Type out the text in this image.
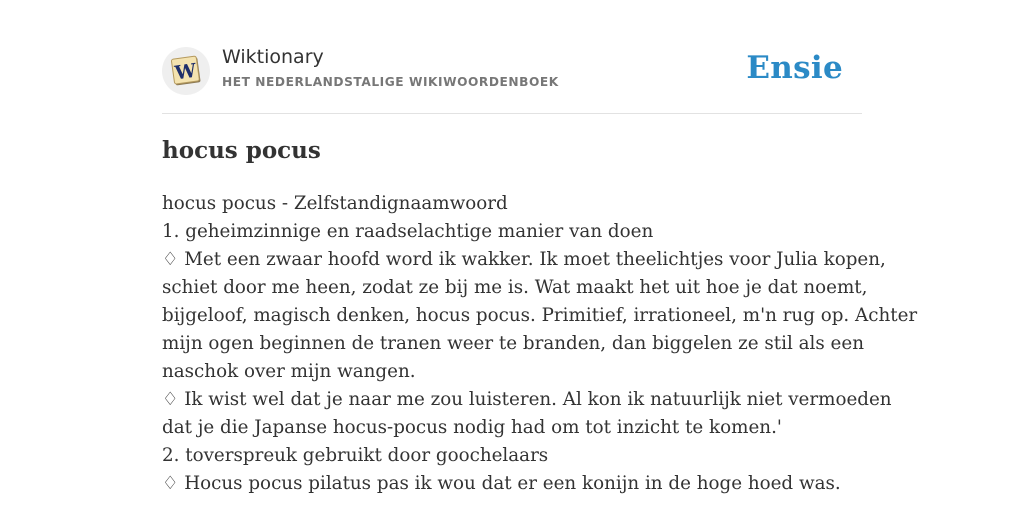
W
Wiktionary
HET NEDERLANDSTALIGE WIKIWOORDENBOEK	Ensie
hocus pocus
hocus pocus - Zelfstandignaamwoord
1. geheimzinnige en raadselachtige manier van doen
♢ Met een zwaar hoofd word ik wakker. Ik moet theelichtjes voor Julia kopen,
schiet door me heen, zodat ze bij me is. Wat maakt het uit hoe je dat noemt,
bijgeloof, magisch denken, hocus pocus. Primitief, irrationeel, m'n rug op. Achter
mijn ogen beginnen de tranen weer te branden, dan biggelen ze stil als een
naschok over mijn wangen.
♢ Ik wist wel dat je naar me zou luisteren. Al kon ik natuurlijk niet vermoeden
dat je die Japanse hocus-pocus nodig had om tot inzicht te komen.'
2. toverspreuk gebruikt door goochelaars
♢ Hocus pocus pilatus pas ik wou dat er een konijn in de hoge hoed was.
